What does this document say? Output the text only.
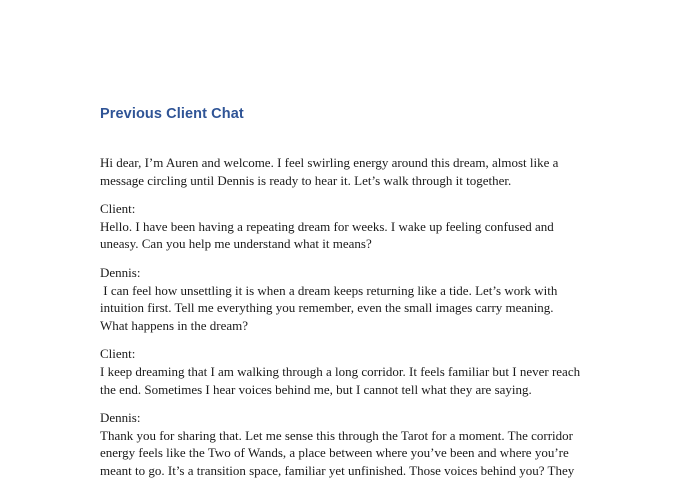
Previous Client Chat

Hi dear, I’m Auren and welcome. I feel swirling energy around this dream, almost like a
message circling until Dennis is ready to hear it. Let’s walk through it together.

Client:
Hello. I have been having a repeating dream for weeks. I wake up feeling confused and
uneasy. Can you help me understand what it means?

Dennis:
I can feel how unsettling it is when a dream keeps returning like a tide. Let’s work with
intuition first. Tell me everything you remember, even the small images carry meaning.
What happens in the dream?

Client:
I keep dreaming that I am walking through a long corridor. It feels familiar but I never reach
the end. Sometimes I hear voices behind me, but I cannot tell what they are saying.

Dennis:
Thank you for sharing that. Let me sense this through the Tarot for a moment. The corridor
energy feels like the Two of Wands, a place between where you’ve been and where you’re
meant to go. It’s a transition space, familiar yet unfinished. Those voices behind you? They
